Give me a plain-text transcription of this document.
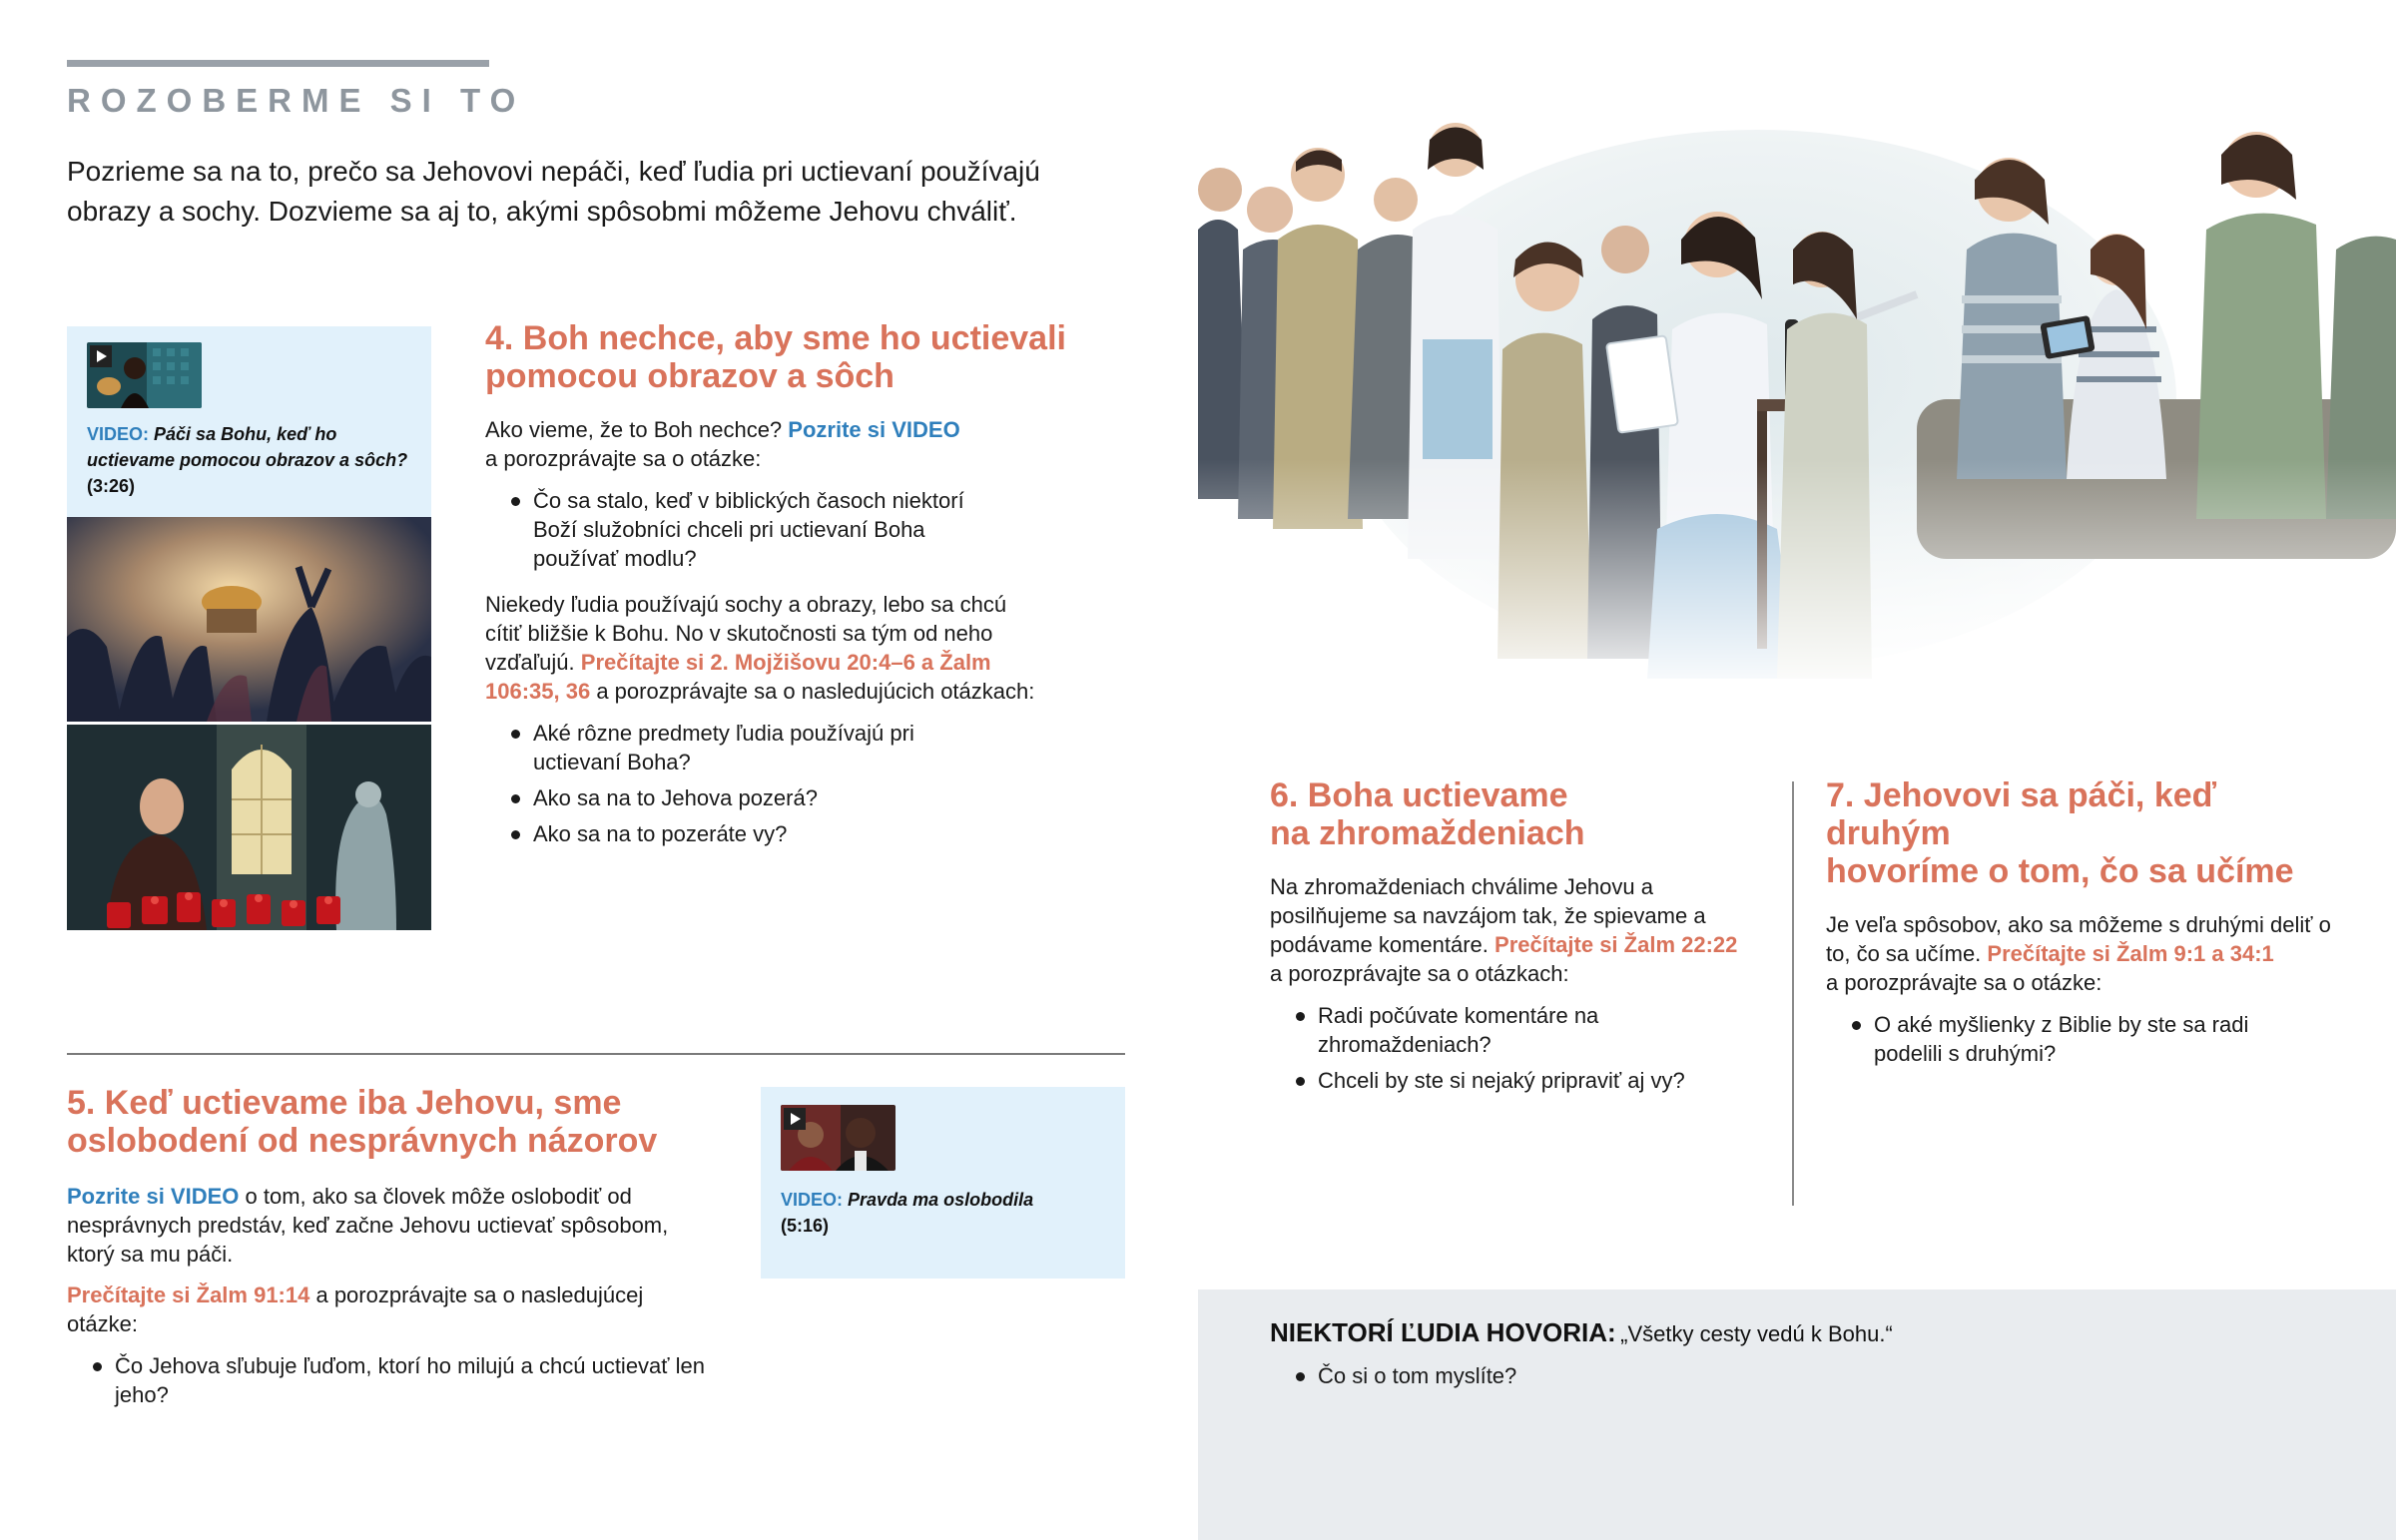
ROZOBERME SI TO
Pozrieme sa na to, prečo sa Jehovovi nepáči, keď ľudia pri uctievaní používajú obrazy a sochy. Dozvieme sa aj to, akými spôsobmi môžeme Jehovu chváliť.
VIDEO: Páči sa Bohu, keď ho uctievame pomocou obrazov a sôch? (3:26)
4. Boh nechce, aby sme ho uctievali
pomocou obrazov a sôch
Ako vieme, že to Boh nechce? Pozrite si VIDEO
a porozprávajte sa o otázke:
Čo sa stalo, keď v biblických časoch niektorí Boží služobníci chceli pri uctievaní Boha používať modlu?
Niekedy ľudia používajú sochy a obrazy, lebo sa chcú cítiť bližšie k Bohu. No v skutočnosti sa tým od neho vzďaľujú. Prečítajte si 2. Mojžišovu 20:4–6 a Žalm 106:35, 36 a porozprávajte sa o nasledujúcich otázkach:
Aké rôzne predmety ľudia používajú pri uctievaní Boha?
Ako sa na to Jehova pozerá?
Ako sa na to pozeráte vy?
5. Keď uctievame iba Jehovu, sme
oslobodení od nesprávnych názorov
Pozrite si VIDEO o tom, ako sa človek môže oslobodiť od nesprávnych predstáv, keď začne Jehovu uctievať spôsobom, ktorý sa mu páči.
Prečítajte si Žalm 91:14 a porozprávajte sa o nasledujúcej otázke:
Čo Jehova sľubuje ľuďom, ktorí ho milujú a chcú uctievať len jeho?
VIDEO: Pravda ma oslobodila
(5:16)
6. Boha uctievame
na zhromaždeniach
Na zhromaždeniach chválime Jehovu a posilňujeme sa navzájom tak, že spievame a podávame komentáre. Prečítajte si Žalm 22:22
a porozprávajte sa o otázkach:
Radi počúvate komentáre na zhromaždeniach?
Chceli by ste si nejaký pripraviť aj vy?
7. Jehovovi sa páči, keď druhým
hovoríme o tom, čo sa učíme
Je veľa spôsobov, ako sa môžeme s druhými deliť o to, čo sa učíme. Prečítajte si Žalm 9:1 a 34:1
a porozprávajte sa o otázke:
O aké myšlienky z Biblie by ste sa radi podelili s druhými?
NIEKTORÍ ĽUDIA HOVORIA: „Všetky cesty vedú k Bohu.“
Čo si o tom myslíte?
